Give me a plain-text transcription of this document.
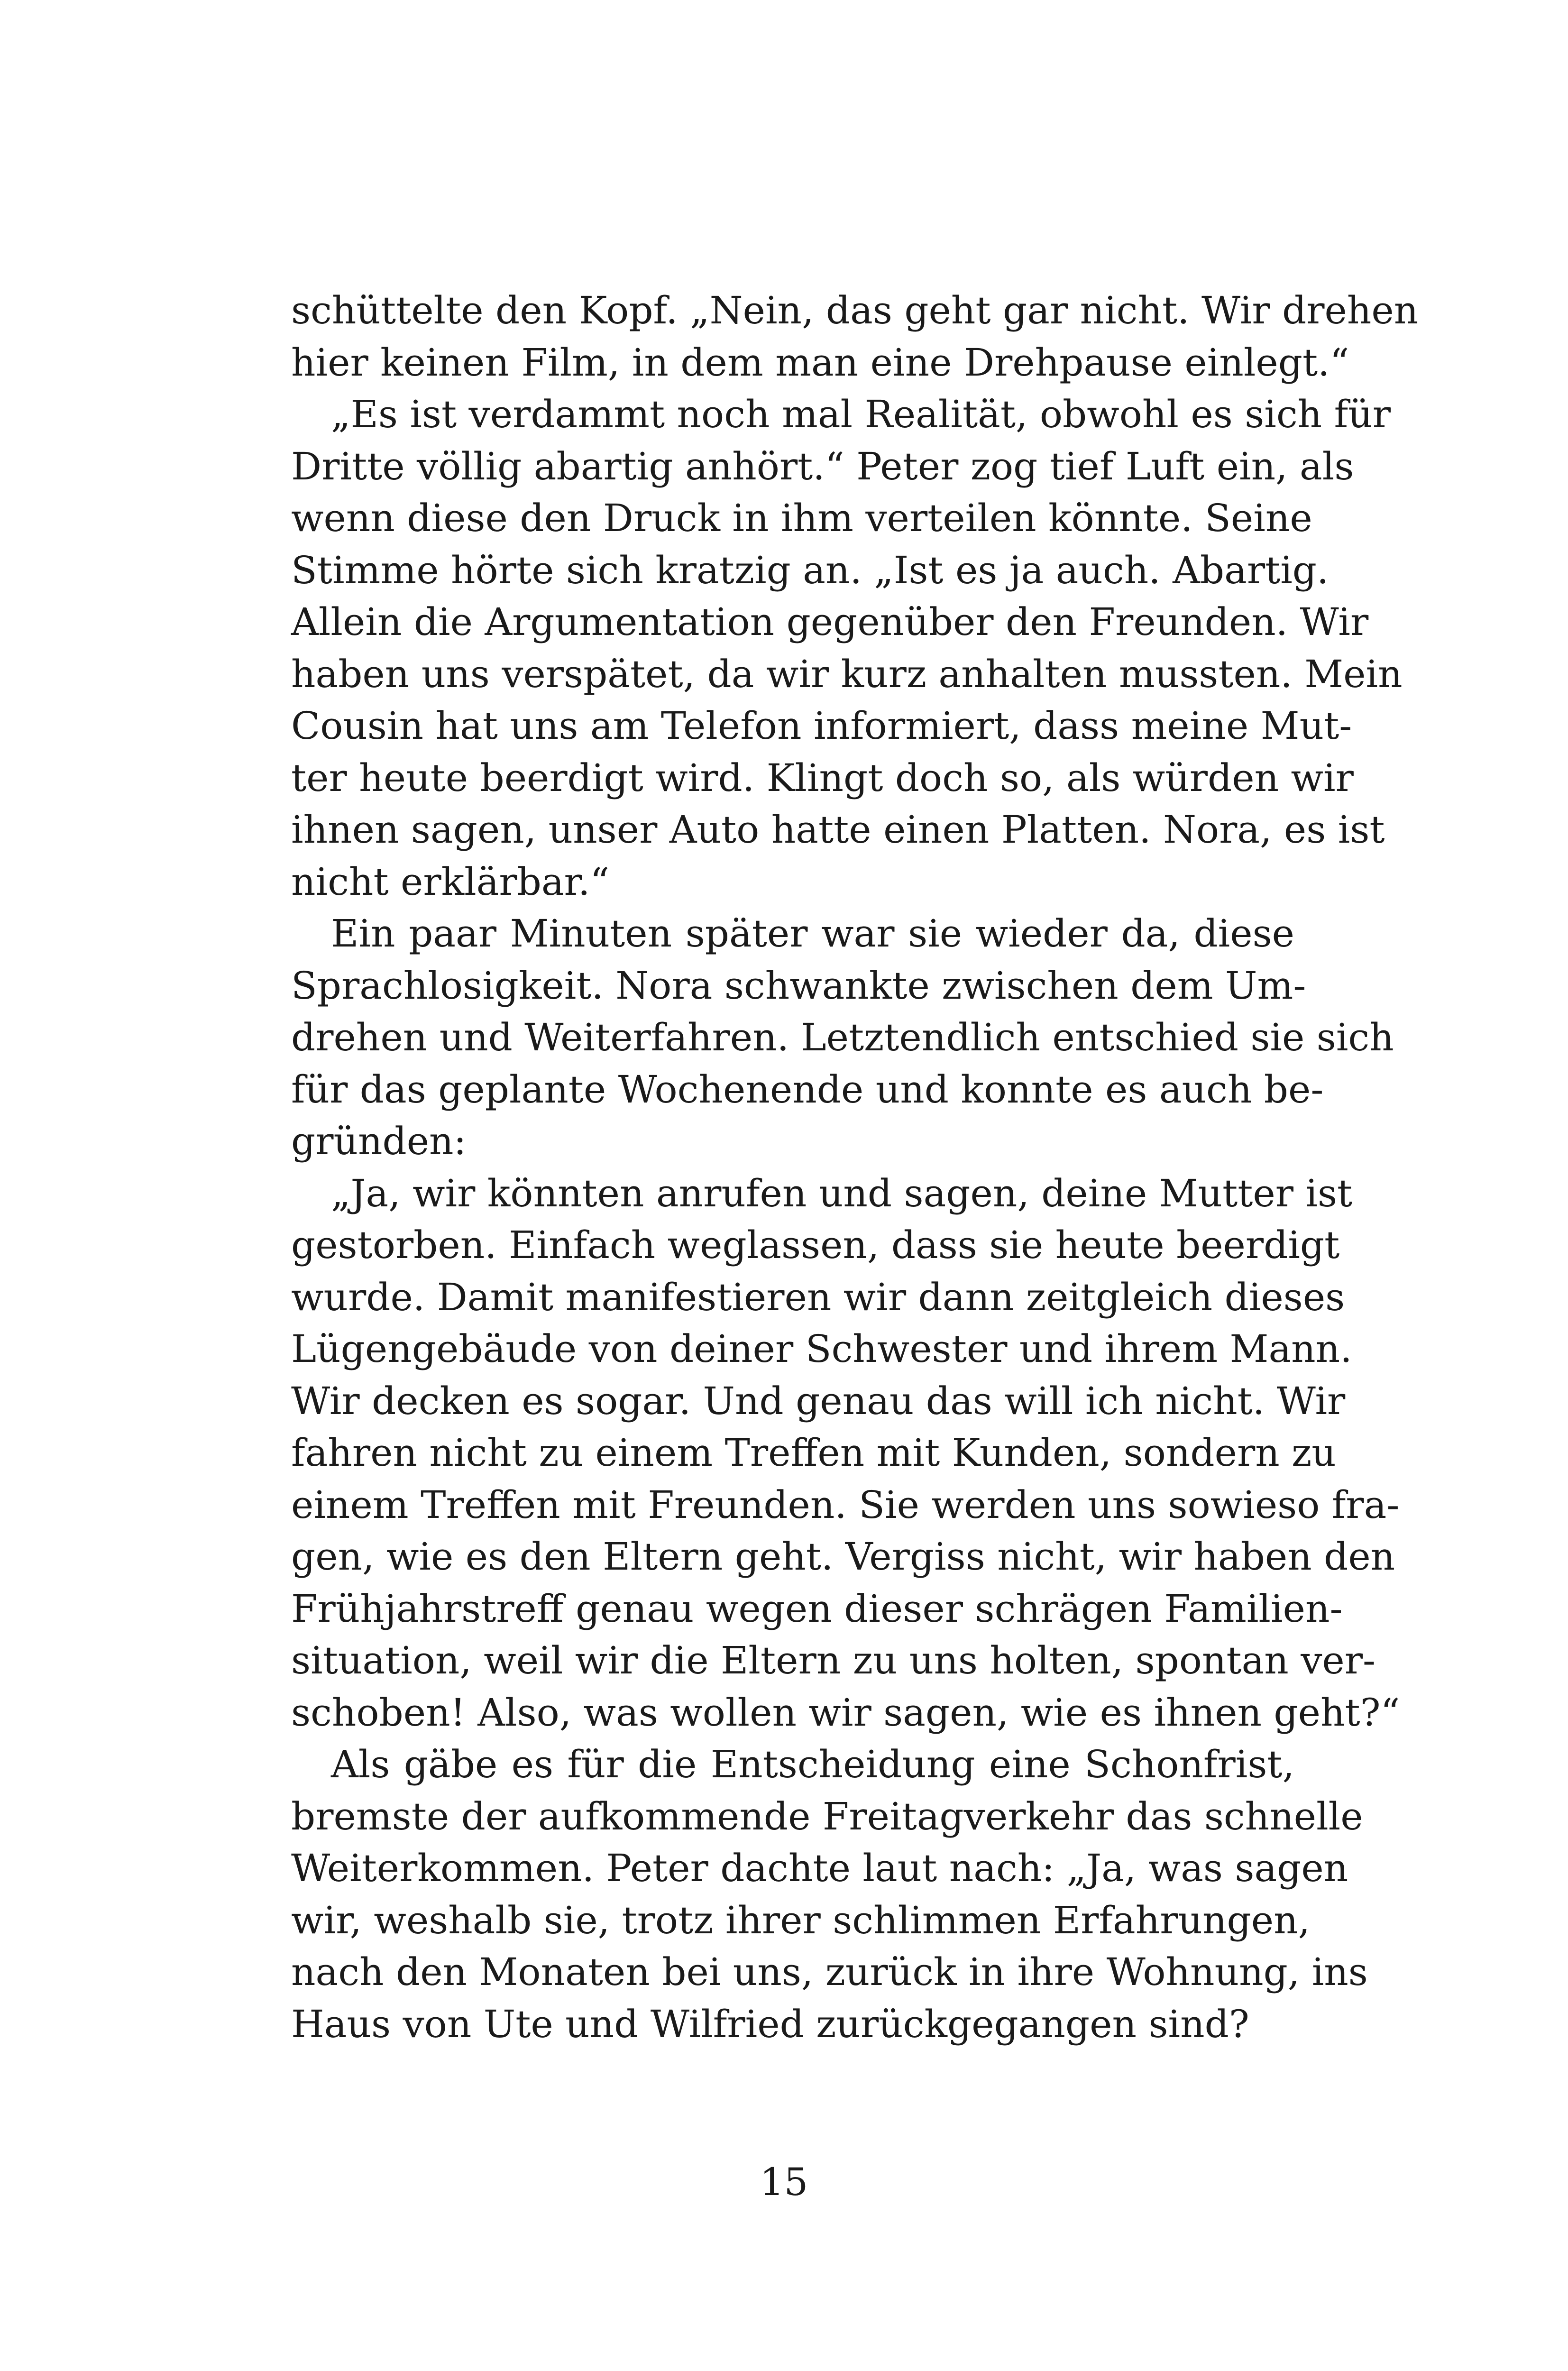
schüttelte den Kopf. „Nein, das geht gar nicht. Wir drehen
hier keinen Film, in dem man eine Drehpause einlegt.“
„Es ist verdammt noch mal Realität, obwohl es sich für
Dritte völlig abartig anhört.“ Peter zog tief Luft ein, als
wenn diese den Druck in ihm verteilen könnte. Seine
Stimme hörte sich kratzig an. „Ist es ja auch. Abartig.
Allein die Argumentation gegenüber den Freunden. Wir
haben uns verspätet, da wir kurz anhalten mussten. Mein
Cousin hat uns am Telefon informiert, dass meine Mut-
ter heute beerdigt wird. Klingt doch so, als würden wir
ihnen sagen, unser Auto hatte einen Platten. Nora, es ist
nicht erklärbar.“
Ein paar Minuten später war sie wieder da, diese
Sprachlosigkeit. Nora schwankte zwischen dem Um-
drehen und Weiterfahren. Letztendlich entschied sie sich
für das geplante Wochenende und konnte es auch be-
gründen:
„Ja, wir könnten anrufen und sagen, deine Mutter ist
gestorben. Einfach weglassen, dass sie heute beerdigt
wurde. Damit manifestieren wir dann zeitgleich dieses
Lügengebäude von deiner Schwester und ihrem Mann.
Wir decken es sogar. Und genau das will ich nicht. Wir
fahren nicht zu einem Treffen mit Kunden, sondern zu
einem Treffen mit Freunden. Sie werden uns sowieso fra-
gen, wie es den Eltern geht. Vergiss nicht, wir haben den
Frühjahrstreff genau wegen dieser schrägen Familien-
situation, weil wir die Eltern zu uns holten, spontan ver-
schoben! Also, was wollen wir sagen, wie es ihnen geht?“
Als gäbe es für die Entscheidung eine Schonfrist,
bremste der aufkommende Freitagverkehr das schnelle
Weiterkommen. Peter dachte laut nach: „Ja, was sagen
wir, weshalb sie, trotz ihrer schlimmen Erfahrungen,
nach den Monaten bei uns, zurück in ihre Wohnung, ins
Haus von Ute und Wilfried zurückgegangen sind?
15
